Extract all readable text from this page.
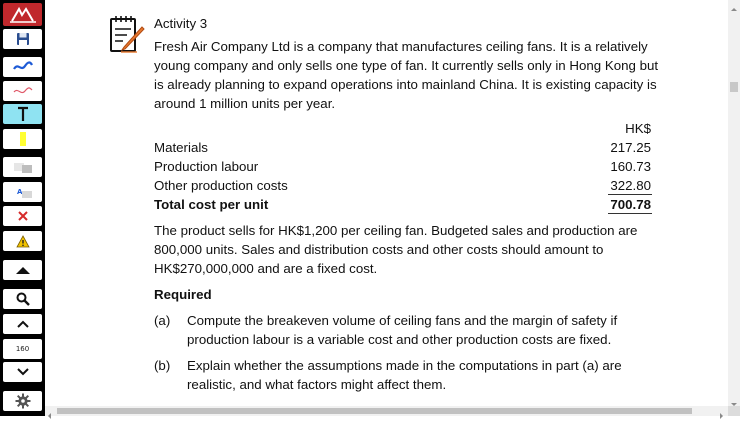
A
160
Activity 3
Fresh Air Company Ltd is a company that manufactures ceiling fans. It is a relatively
young company and only sells one type of fan. It currently sells only in Hong Kong but
is already planning to expand operations into mainland China. It is existing capacity is
around 1 million units per year.
HK$
Materials	217.25
Production labour	160.73
Other production costs	322.80
Total cost per unit	700.78
The product sells for HK$1,200 per ceiling fan. Budgeted sales and production are
800,000 units. Sales and distribution costs and other costs should amount to
HK$270,000,000 and are a fixed cost.
Required
(a) Compute the breakeven volume of ceiling fans and the margin of safety if
production labour is a variable cost and other production costs are fixed.
(b) Explain whether the assumptions made in the computations in part (a) are
realistic, and what factors might affect them.
